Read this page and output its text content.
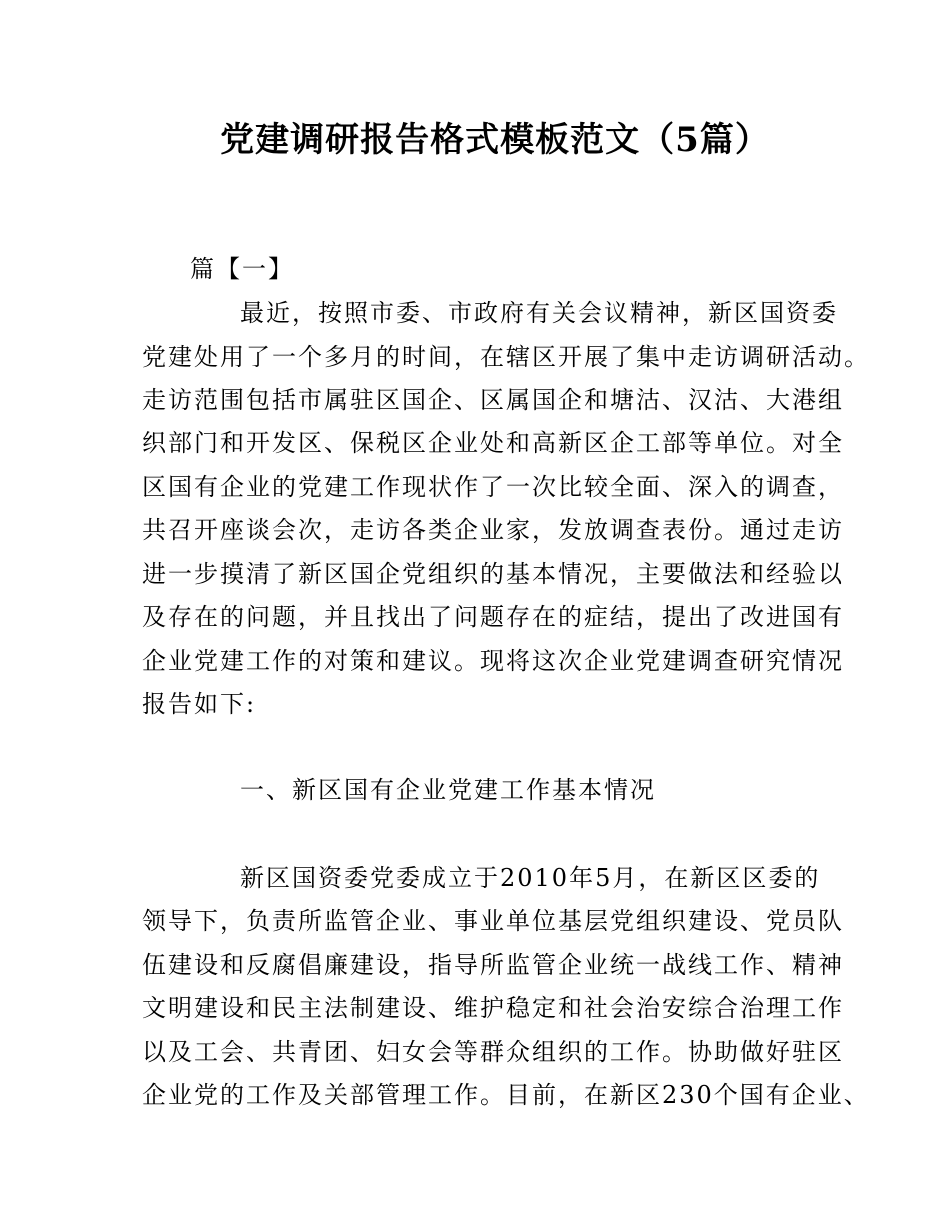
党建调研报告格式模板范文（5篇）
篇【一】
最近，按照市委、市政府有关会议精神，新区国资委
党建处用了一个多月的时间，在辖区开展了集中走访调研活动。
走访范围包括市属驻区国企、区属国企和塘沽、汉沽、大港组
织部门和开发区、保税区企业处和高新区企工部等单位。对全
区国有企业的党建工作现状作了一次比较全面、深入的调查，
共召开座谈会次，走访各类企业家，发放调查表份。通过走访
进一步摸清了新区国企党组织的基本情况，主要做法和经验以
及存在的问题，并且找出了问题存在的症结，提出了改进国有
企业党建工作的对策和建议。现将这次企业党建调查研究情况
报告如下:
一、新区国有企业党建工作基本情况
新区国资委党委成立于2010年5月，在新区区委的
领导下，负责所监管企业、事业单位基层党组织建设、党员队
伍建设和反腐倡廉建设，指导所监管企业统一战线工作、精神
文明建设和民主法制建设、维护稳定和社会治安综合治理工作
以及工会、共青团、妇女会等群众组织的工作。协助做好驻区
企业党的工作及关部管理工作。目前，在新区230个国有企业、
